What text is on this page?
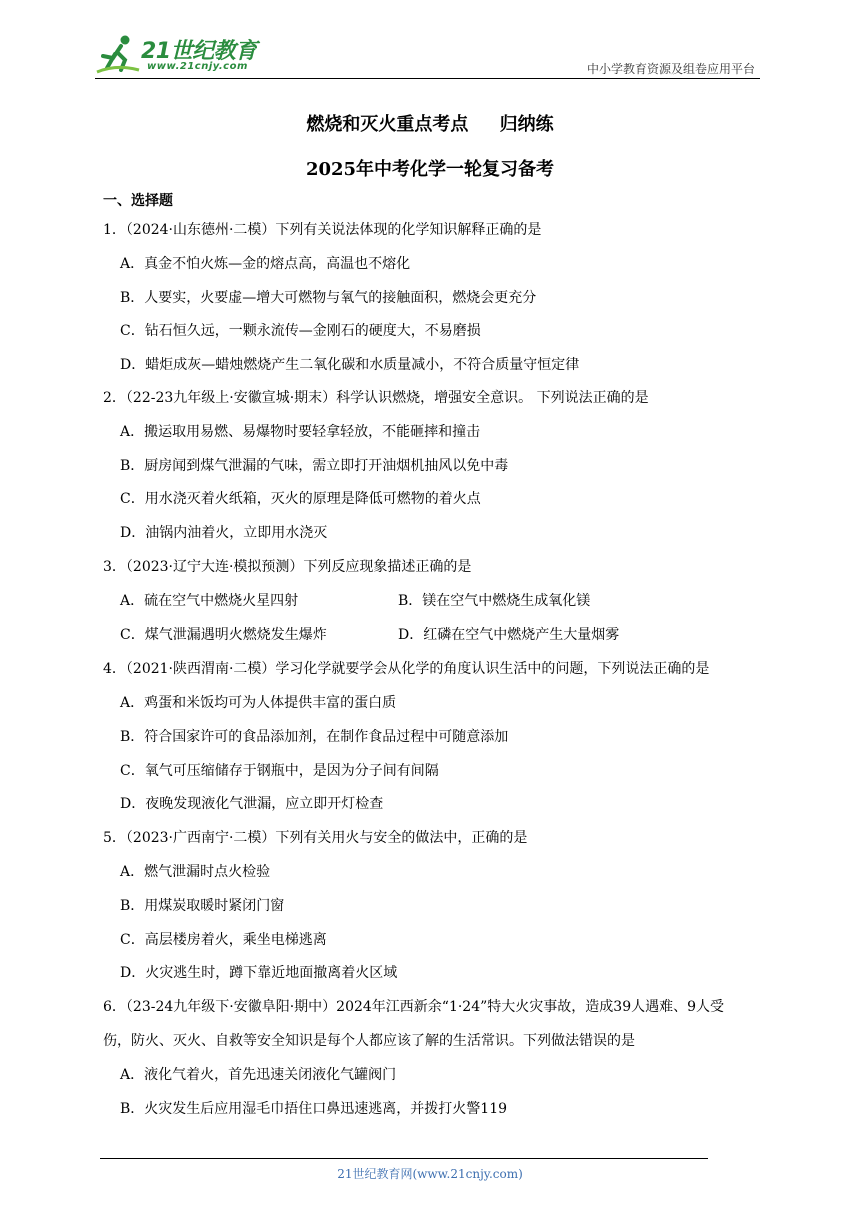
21世纪教育
www.21cnjy.com	中小学教育资源及组卷应用平台
燃烧和灭火重点考点     归纳练
2025年中考化学一轮复习备考
一、选择题
1．（2024·山东德州·二模）下列有关说法体现的化学知识解释正确的是
A．真金不怕火炼—金的熔点高，高温也不熔化
B．人要实，火要虚—增大可燃物与氧气的接触面积，燃烧会更充分
C．钻石恒久远，一颗永流传—金刚石的硬度大，不易磨损
D．蜡炬成灰—蜡烛燃烧产生二氧化碳和水质量减小，不符合质量守恒定律
2．（22-23九年级上·安徽宣城·期末）科学认识燃烧，增强安全意识。 下列说法正确的是
A．搬运取用易燃、易爆物时要轻拿轻放，不能砸摔和撞击
B．厨房闻到煤气泄漏的气味，需立即打开油烟机抽风以免中毒
C．用水浇灭着火纸箱，灭火的原理是降低可燃物的着火点
D．油锅内油着火，立即用水浇灭
3．（2023·辽宁大连·模拟预测）下列反应现象描述正确的是
A．硫在空气中燃烧火星四射	B．镁在空气中燃烧生成氧化镁
C．煤气泄漏遇明火燃烧发生爆炸	D．红磷在空气中燃烧产生大量烟雾
4．（2021·陕西渭南·二模）学习化学就要学会从化学的角度认识生活中的问题，下列说法正确的是
A．鸡蛋和米饭均可为人体提供丰富的蛋白质
B．符合国家许可的食品添加剂，在制作食品过程中可随意添加
C．氧气可压缩储存于钢瓶中，是因为分子间有间隔
D．夜晚发现液化气泄漏，应立即开灯检查
5．（2023·广西南宁·二模）下列有关用火与安全的做法中，正确的是
A．燃气泄漏时点火检验
B．用煤炭取暖时紧闭门窗
C．高层楼房着火，乘坐电梯逃离
D．火灾逃生时，蹲下靠近地面撤离着火区域
6．（23-24九年级下·安徽阜阳·期中）2024年江西新余“1·24”特大火灾事故，造成39人遇难、9人受
伤，防火、灭火、自救等安全知识是每个人都应该了解的生活常识。下列做法错误的是
A．液化气着火，首先迅速关闭液化气罐阀门
B．火灾发生后应用湿毛巾捂住口鼻迅速逃离，并拨打火警119
21世纪教育网(www.21cnjy.com)
